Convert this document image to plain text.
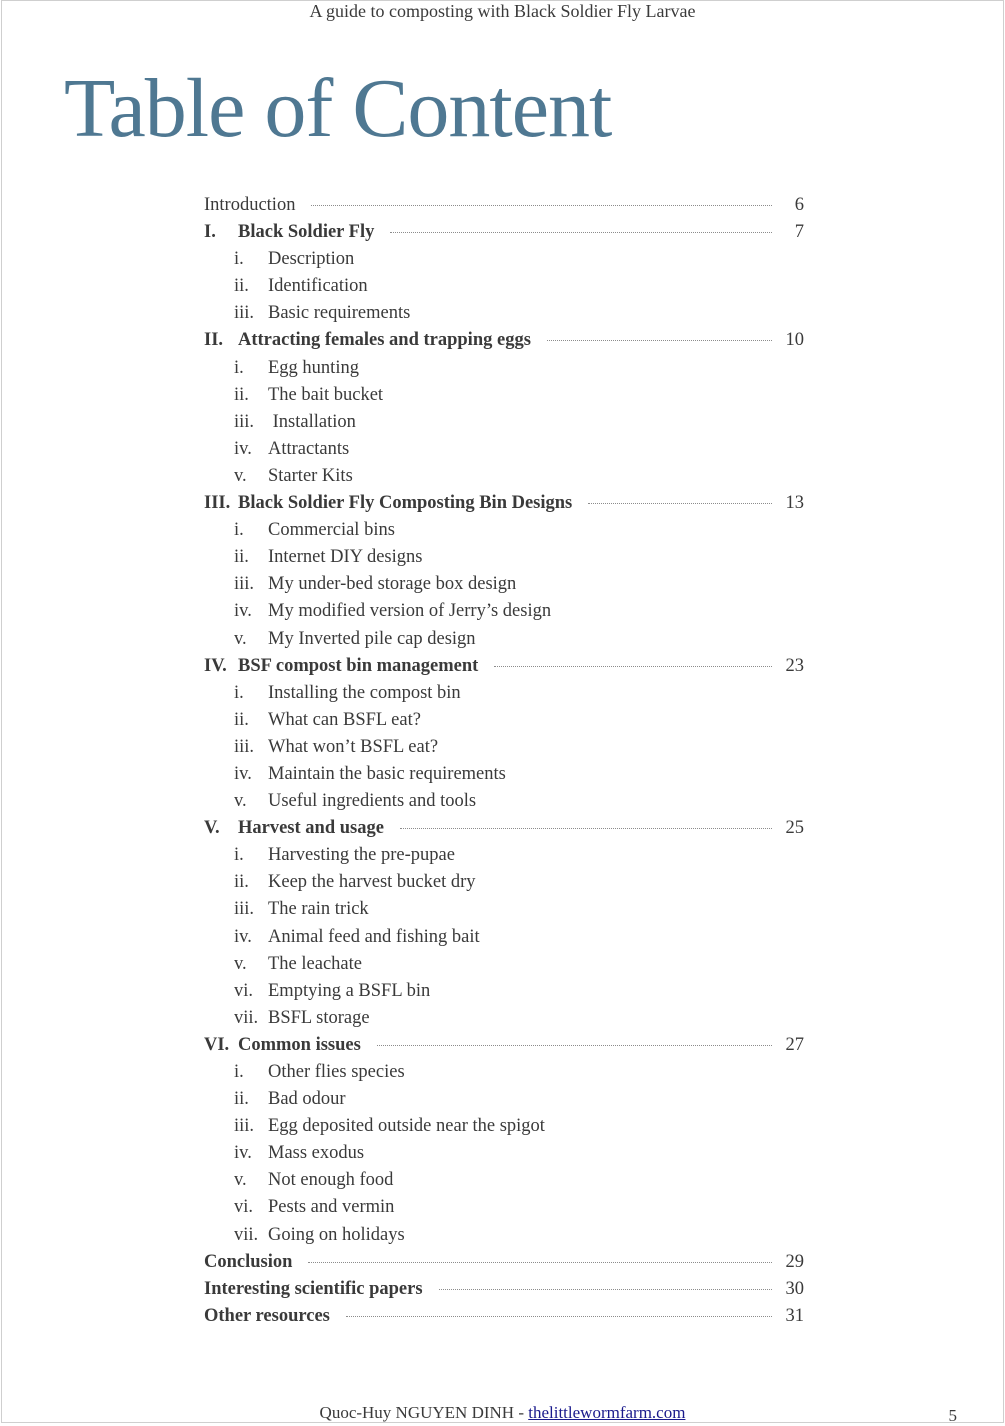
A guide to composting with Black Soldier Fly Larvae
Table of Content
Introduction	6
I.	Black Soldier Fly	7
i.	Description
ii.	Identification
iii. Basic requirements
II. Attracting females and trapping eggs	10
i.	Egg hunting
ii.	The bait bucket
iii. Installation
iv. Attractants
v.	Starter Kits
III. Black Soldier Fly Composting Bin Designs	13
i.	Commercial bins
ii.	Internet DIY designs
iii. My under-bed storage box design
iv. My modified version of Jerry’s design
v.	My Inverted pile cap design
IV. BSF compost bin management	23
i.	Installing the compost bin
ii.	What can BSFL eat?
iii. What won’t BSFL eat?
iv. Maintain the basic requirements
v.	Useful ingredients and tools
V. Harvest and usage	25
i.	Harvesting the pre-pupae
ii.	Keep the harvest bucket dry
iii. The rain trick
iv. Animal feed and fishing bait
v.	The leachate
vi. Emptying a BSFL bin
vii. BSFL storage
VI. Common issues	27
i.	Other flies species
ii.	Bad odour
iii. Egg deposited outside near the spigot
iv. Mass exodus
v.	Not enough food
vi. Pests and vermin
vii. Going on holidays
Conclusion	29
Interesting scientific papers	30
Other resources	31
Quoc-Huy NGUYEN DINH - thelittlewormfarm.com	5
